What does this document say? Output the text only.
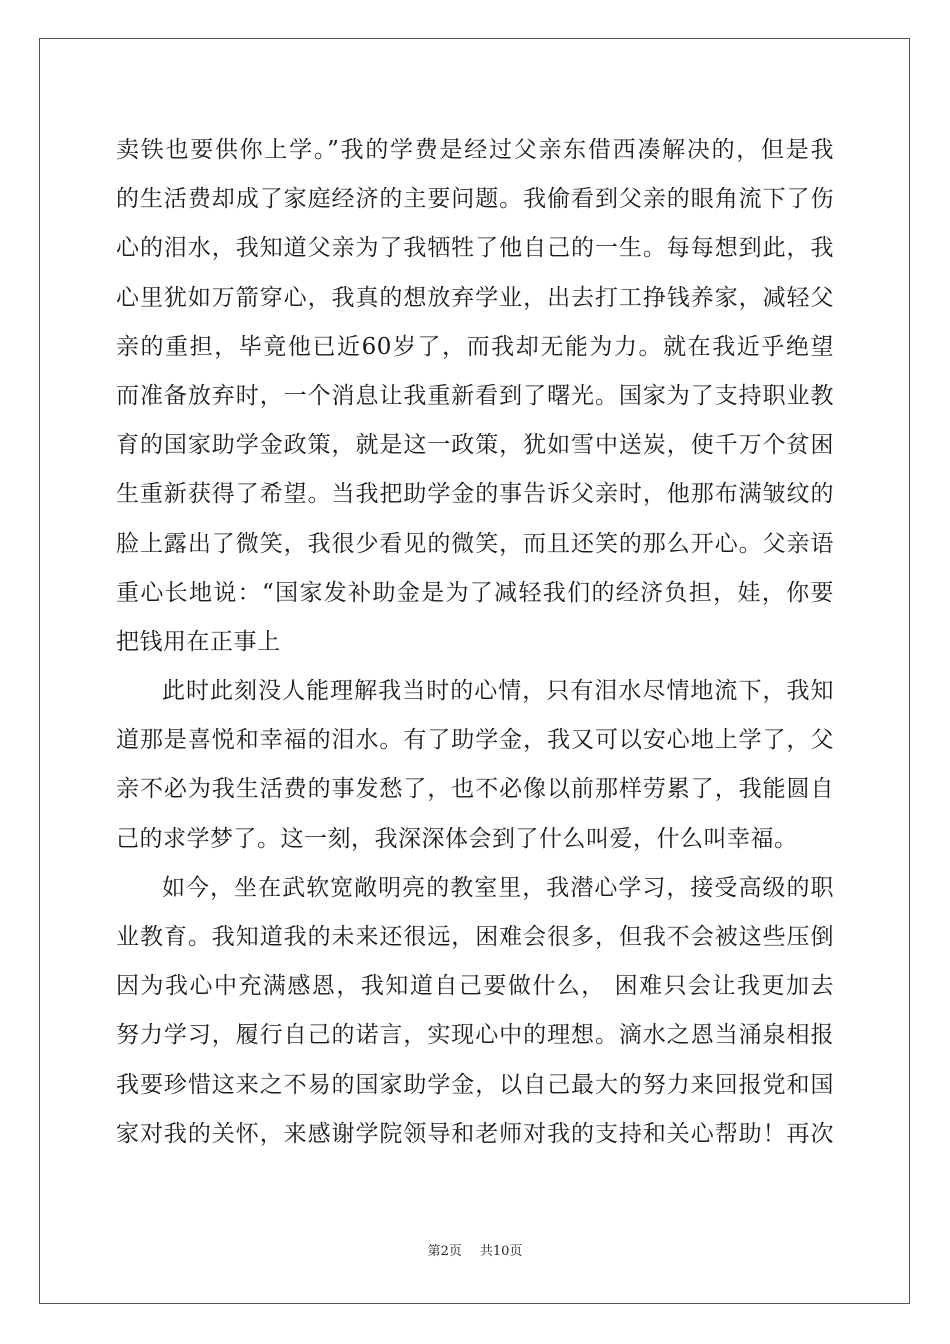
卖铁也要供你上学。”我的学费是经过父亲东借西凑解决的，但是我
的生活费却成了家庭经济的主要问题。我偷看到父亲的眼角流下了伤
心的泪水，我知道父亲为了我牺牲了他自己的一生。每每想到此，我
心里犹如万箭穿心，我真的想放弃学业，出去打工挣钱养家，减轻父
亲的重担，毕竟他已近60岁了，而我却无能为力。就在我近乎绝望
而准备放弃时，一个消息让我重新看到了曙光。国家为了支持职业教
育的国家助学金政策，就是这一政策，犹如雪中送炭，使千万个贫困
生重新获得了希望。当我把助学金的事告诉父亲时，他那布满皱纹的
脸上露出了微笑，我很少看见的微笑，而且还笑的那么开心。父亲语
重心长地说：“国家发补助金是为了减轻我们的经济负担，娃，你要
把钱用在正事上
此时此刻没人能理解我当时的心情，只有泪水尽情地流下，我知
道那是喜悦和幸福的泪水。有了助学金，我又可以安心地上学了，父
亲不必为我生活费的事发愁了，也不必像以前那样劳累了，我能圆自
己的求学梦了。这一刻，我深深体会到了什么叫爱，什么叫幸福。
如今，坐在武软宽敞明亮的教室里，我潜心学习，接受高级的职
业教育。我知道我的未来还很远，困难会很多，但我不会被这些压倒
因为我心中充满感恩，我知道自己要做什么， 困难只会让我更加去
努力学习，履行自己的诺言，实现心中的理想。滴水之恩当涌泉相报
我要珍惜这来之不易的国家助学金，以自己最大的努力来回报党和国
家对我的关怀，来感谢学院领导和老师对我的支持和关心帮助！再次
第2页 共10页
